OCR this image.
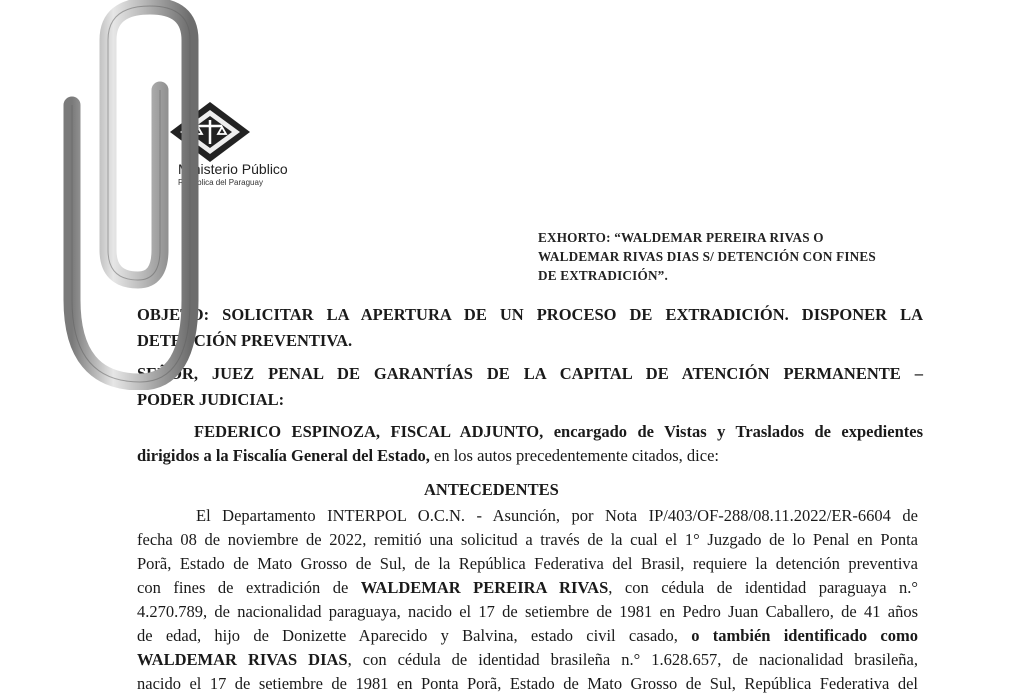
Ministerio Público
República del Paraguay
EXHORTO: “WALDEMAR PEREIRA RIVAS O
WALDEMAR RIVAS DIAS S/ DETENCIÓN CON FINES
DE EXTRADICIÓN”.
OBJETO: SOLICITAR LA APERTURA DE UN PROCESO DE EXTRADICIÓN. DISPONER LA
DETENCIÓN PREVENTIVA.
SEÑOR, JUEZ PENAL DE GARANTÍAS DE LA CAPITAL DE ATENCIÓN PERMANENTE –
PODER JUDICIAL:
FEDERICO ESPINOZA, FISCAL ADJUNTO, encargado de Vistas y Traslados de expedientes
dirigidos a la Fiscalía General del Estado, en los autos precedentemente citados, dice:
ANTECEDENTES
El Departamento INTERPOL O.C.N. - Asunción, por Nota IP/403/OF-288/08.11.2022/ER-6604 de
fecha 08 de noviembre de 2022, remitió una solicitud a través de la cual el 1° Juzgado de lo Penal en Ponta
Porã, Estado de Mato Grosso de Sul, de la República Federativa del Brasil, requiere la detención preventiva
con fines de extradición de WALDEMAR PEREIRA RIVAS, con cédula de identidad paraguaya n.°
4.270.789, de nacionalidad paraguaya, nacido el 17 de setiembre de 1981 en Pedro Juan Caballero, de 41 años
de edad, hijo de Donizette Aparecido y Balvina, estado civil casado, o también identificado como
WALDEMAR RIVAS DIAS, con cédula de identidad brasileña n.° 1.628.657, de nacionalidad brasileña,
nacido el 17 de setiembre de 1981 en Ponta Porã, Estado de Mato Grosso de Sul, República Federativa del
